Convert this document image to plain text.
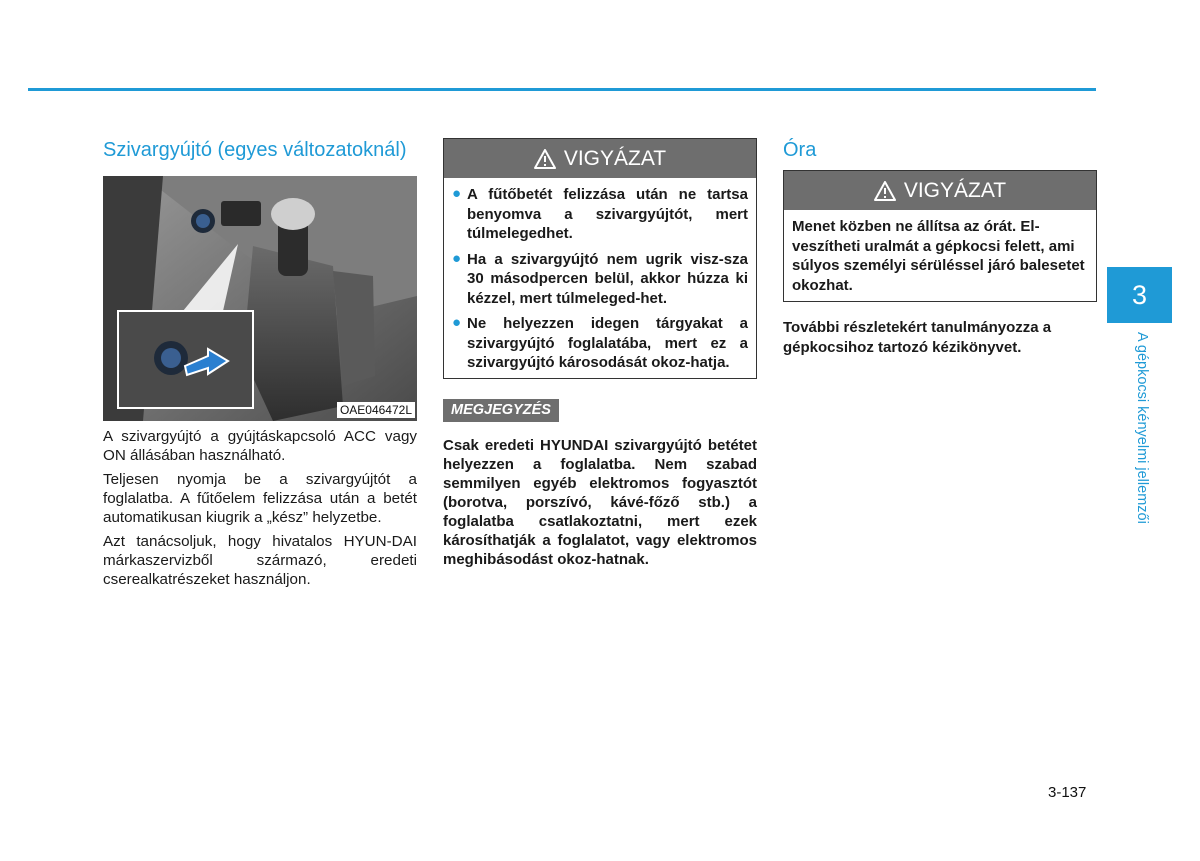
Szivargyújtó (egyes változatoknál)
OAE046472L

A szivargyújtó a gyújtáskapcsoló ACC vagy ON állásában használható.

Teljesen nyomja be a szivargyújtót a foglalatba. A fűtőelem felizzása után a betét automatikusan kiugrik a „kész” helyzetbe.

Azt tanácsoljuk, hogy hivatalos HYUN-DAI márkaszervizből származó, eredeti cserealkatrészeket használjon.

VIGYÁZAT
● A fűtőbetét felizzása után ne tartsa benyomva a szivargyújtót, mert túlmelegedhet.
● Ha a szivargyújtó nem ugrik visz-sza 30 másodpercen belül, akkor húzza ki kézzel, mert túlmeleged-het.
● Ne helyezzen idegen tárgyakat a szivargyújtó foglalatába, mert ez a szivargyújtó károsodását okoz-hatja.
MEGJEGYZÉS

Csak eredeti HYUNDAI szivargyújtó betétet helyezzen a foglalatba. Nem szabad semmilyen egyéb elektromos fogyasztót (borotva, porszívó, kávé-főző stb.) a foglalatba csatlakoztatni, mert ezek károsíthatják a foglalatot, vagy elektromos meghibásodást okoz-hatnak.

Óra
VIGYÁZAT
Menet közben ne állítsa az órát. El-veszítheti uralmát a gépkocsi felett, ami súlyos személyi sérüléssel járó balesetet okozhat.

További részletekért tanulmányozza a gépkocsihoz tartozó kézikönyvet.

3
A gépkocsi kényelmi jellemzői
3-137
